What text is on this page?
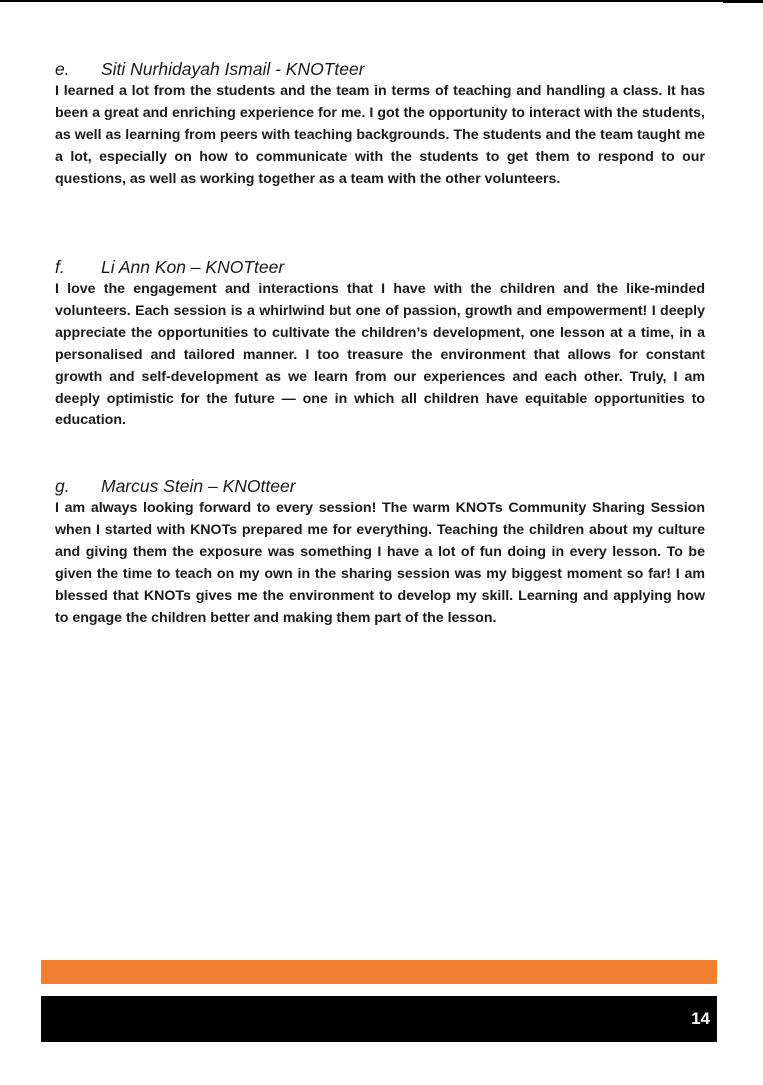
e. Siti Nurhidayah Ismail - KNOTteer
I learned a lot from the students and the team in terms of teaching and handling a class. It has been a great and enriching experience for me. I got the opportunity to interact with the students, as well as learning from peers with teaching backgrounds. The students and the team taught me a lot, especially on how to communicate with the students to get them to respond to our questions, as well as working together as a team with the other volunteers.
f. Li Ann Kon – KNOTteer
I love the engagement and interactions that I have with the children and the like-minded volunteers. Each session is a whirlwind but one of passion, growth and empowerment! I deeply appreciate the opportunities to cultivate the children’s development, one lesson at a time, in a personalised and tailored manner. I too treasure the environment that allows for constant growth and self-development as we learn from our experiences and each other. Truly, I am deeply optimistic for the future — one in which all children have equitable opportunities to education.
g. Marcus Stein – KNOtteer
I am always looking forward to every session! The warm KNOTs Community Sharing Session when I started with KNOTs prepared me for everything. Teaching the children about my culture and giving them the exposure was something I have a lot of fun doing in every lesson. To be given the time to teach on my own in the sharing session was my biggest moment so far! I am blessed that KNOTs gives me the environment to develop my skill. Learning and applying how to engage the children better and making them part of the lesson.
14
